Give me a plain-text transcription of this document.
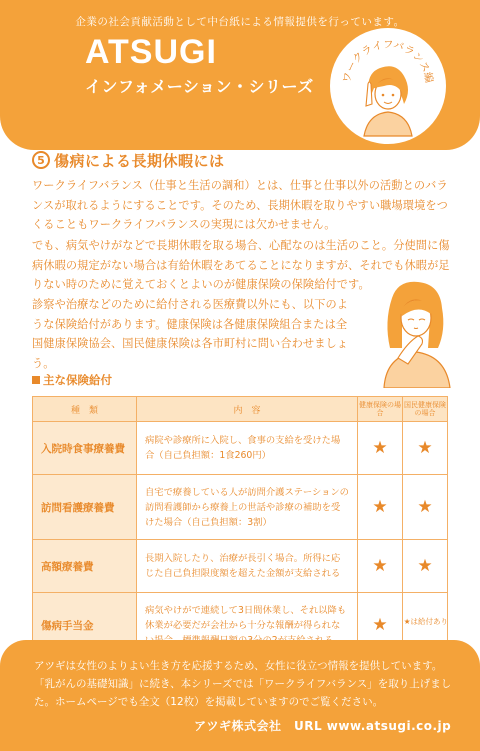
企業の社会貢献活動として中台紙による情報提供を行っています。
ATSUGI
インフォメーション・シリーズ	ワークライフバランス編
5 傷病による長期休暇には
ワークライフバランス（仕事と生活の調和）とは、仕事と仕事以外の活動とのバランスが取れるようにすることです。そのため、長期休暇を取りやすい職場環境をつくることもワークライフバランスの実現には欠かせません。
でも、病気やけがなどで長期休暇を取る場合、心配なのは生活のこと。分使間に傷病休暇の規定がない場合は有給休暇をあてることになりますが、それでも休暇が足りない時のために覚えておくとよいのが健康保険の保険給付です。
診察や治療などのために給付される医療費以外にも、以下のような保険給付があります。健康保険は各健康保険組合または全国健康保険協会、国民健康保険は各市町村に問い合わせましょう。
主な保険給付
種　類	内　容	健康保険の場合	国民健康保険の場合
入院時食事療養費	病院や診療所に入院し、食事の支給を受けた場合（自己負担額：1食260円）	★	★
訪問看護療養費	自宅で療養している人が訪問介護ステーションの訪問看護師から療養上の世話や診療の補助を受けた場合（自己負担額：3割）	★	★
高額療養費	長期入院したり、治療が長引く場合。所得に応じた自己負担限度額を超えた金額が支給される	★	★
傷病手当金	病気やけがで連続して3日間休業し、それ以降も休業が必要だが会社から十分な報酬が得られな	★	★は給付あり
アツギは女性のよりよい生き方を応援するため、女性に役立つ情報を提供しています。「乳がんの基礎知識」に続き、本シリーズでは「ワークライフバランス」を取り上げました。ホームページでも全文（12枚）を掲載していますのでご覧ください。
アツギ株式会社　URL www.atsugi.co.jp
